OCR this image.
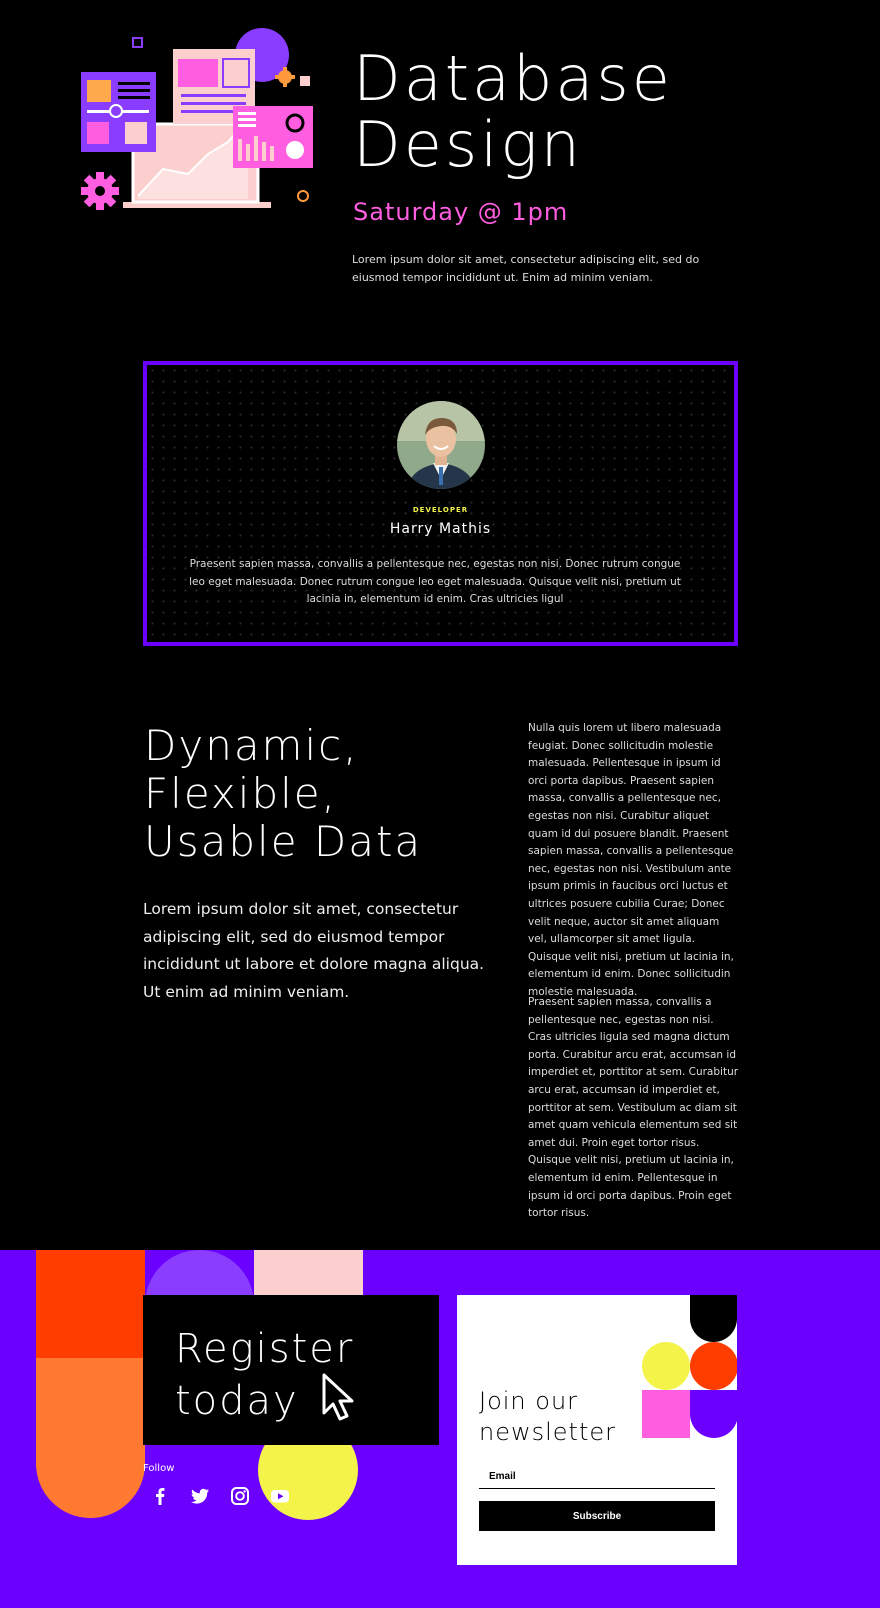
Database
Design
Saturday @ 1pm

Lorem ipsum dolor sit amet, consectetur adipiscing elit, sed do eiusmod tempor incididunt ut. Enim ad minim veniam.

DEVELOPER
Harry Mathis

Praesent sapien massa, convallis a pellentesque nec, egestas non nisi. Donec rutrum congue leo eget malesuada. Donec rutrum congue leo eget malesuada. Quisque velit nisi, pretium ut lacinia in, elementum id enim. Cras ultricies ligul

Dynamic,
Flexible,
Usable Data

Lorem ipsum dolor sit amet, consectetur adipiscing elit, sed do eiusmod tempor incididunt ut labore et dolore magna aliqua. Ut enim ad minim veniam.

Nulla quis lorem ut libero malesuada feugiat. Donec sollicitudin molestie malesuada. Pellentesque in ipsum id orci porta dapibus. Praesent sapien massa, convallis a pellentesque nec, egestas non nisi. Curabitur aliquet quam id dui posuere blandit. Praesent sapien massa, convallis a pellentesque nec, egestas non nisi. Vestibulum ante ipsum primis in faucibus orci luctus et ultrices posuere cubilia Curae; Donec velit neque, auctor sit amet aliquam vel, ullamcorper sit amet ligula. Quisque velit nisi, pretium ut lacinia in, elementum id enim. Donec sollicitudin molestie malesuada.

Praesent sapien massa, convallis a pellentesque nec, egestas non nisi. Cras ultricies ligula sed magna dictum porta. Curabitur arcu erat, accumsan id imperdiet et, porttitor at sem. Curabitur arcu erat, accumsan id imperdiet et, porttitor at sem. Vestibulum ac diam sit amet quam vehicula elementum sed sit amet dui. Proin eget tortor risus. Quisque velit nisi, pretium ut lacinia in, elementum id enim. Pellentesque in ipsum id orci porta dapibus. Proin eget tortor risus.

Register
today
Follow
Join our
newsletter
Email
Subscribe
